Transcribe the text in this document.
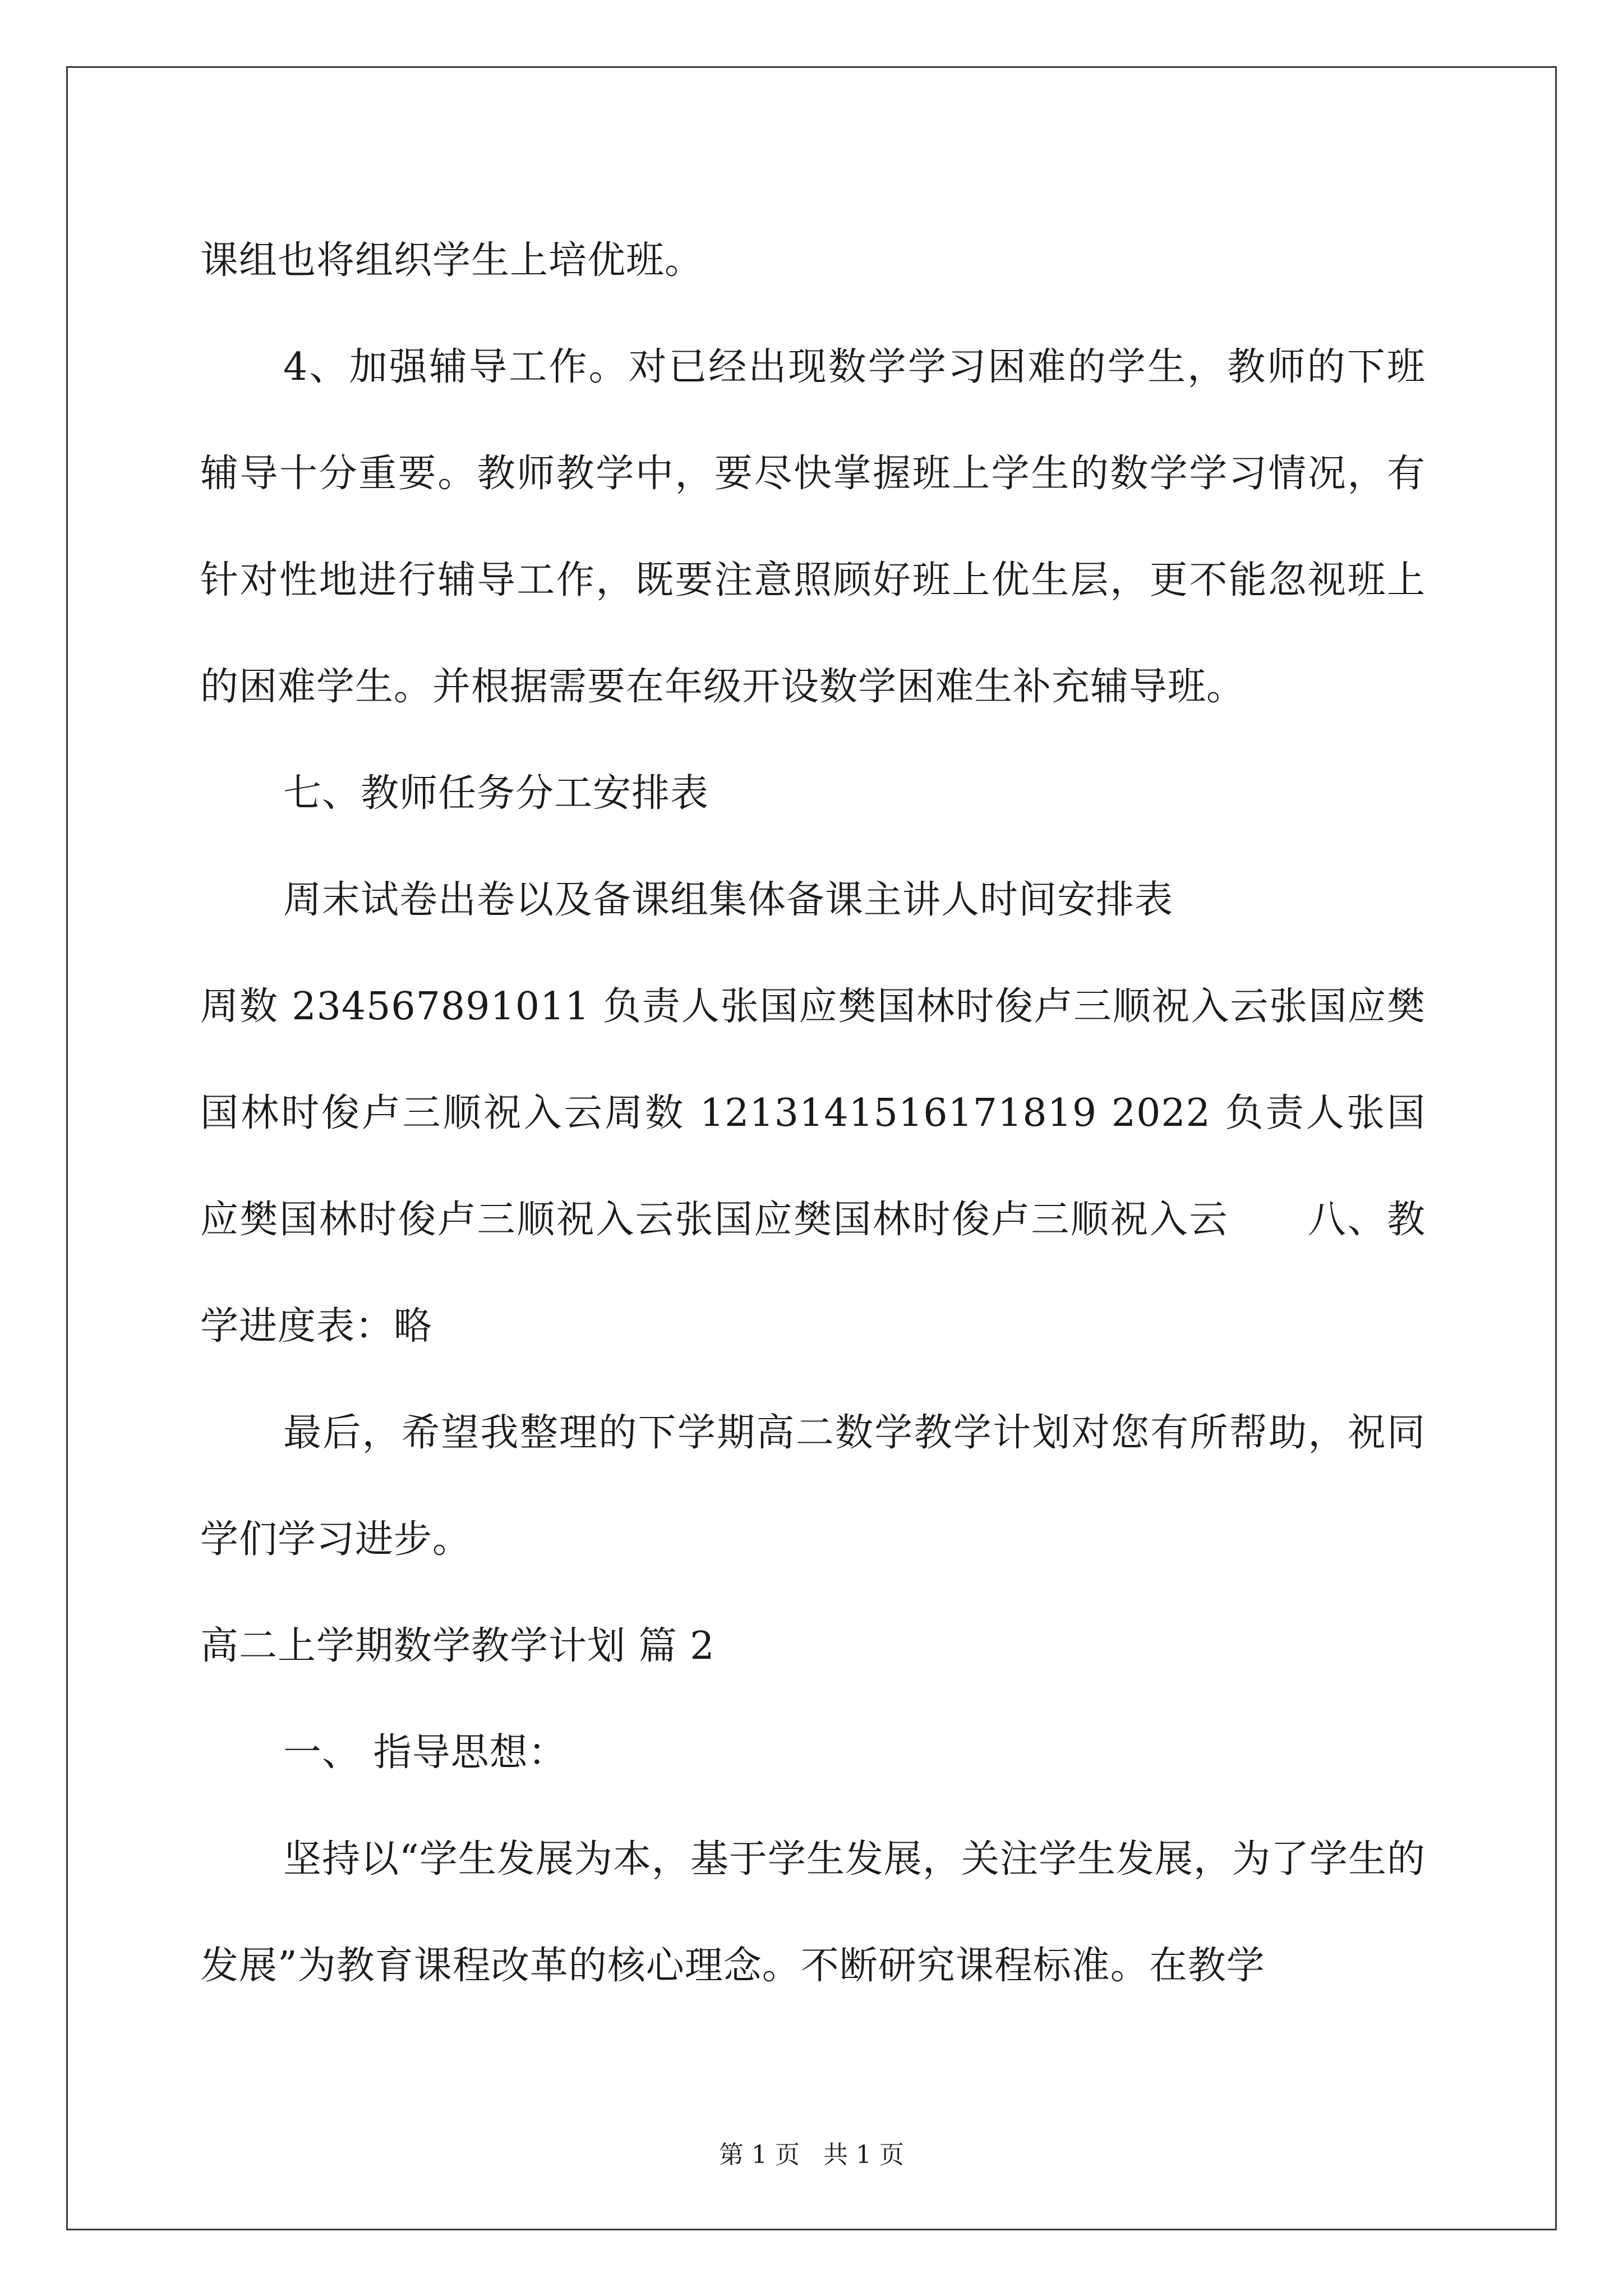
课组也将组织学生上培优班。

4、加强辅导工作。对已经出现数学学习困难的学生，教师的下班辅导十分重要。教师教学中，要尽快掌握班上学生的数学学习情况，有针对性地进行辅导工作，既要注意照顾好班上优生层，更不能忽视班上的困难学生。并根据需要在年级开设数学困难生补充辅导班。

七、教师任务分工安排表

周末试卷出卷以及备课组集体备课主讲人时间安排表

周数 234567891011 负责人张国应樊国林时俊卢三顺祝入云张国应樊国林时俊卢三顺祝入云周数 1213141516171819 2022 负责人张国应樊国林时俊卢三顺祝入云张国应樊国林时俊卢三顺祝入云　　八、教学进度表：略

最后，希望我整理的下学期高二数学教学计划对您有所帮助，祝同学们学习进步。

高二上学期数学教学计划 篇 2

一、 指导思想：

坚持以“学生发展为本，基于学生发展，关注学生发展，为了学生的发展”为教育课程改革的核心理念。不断研究课程标准。在教学

第 1 页 共 1 页
